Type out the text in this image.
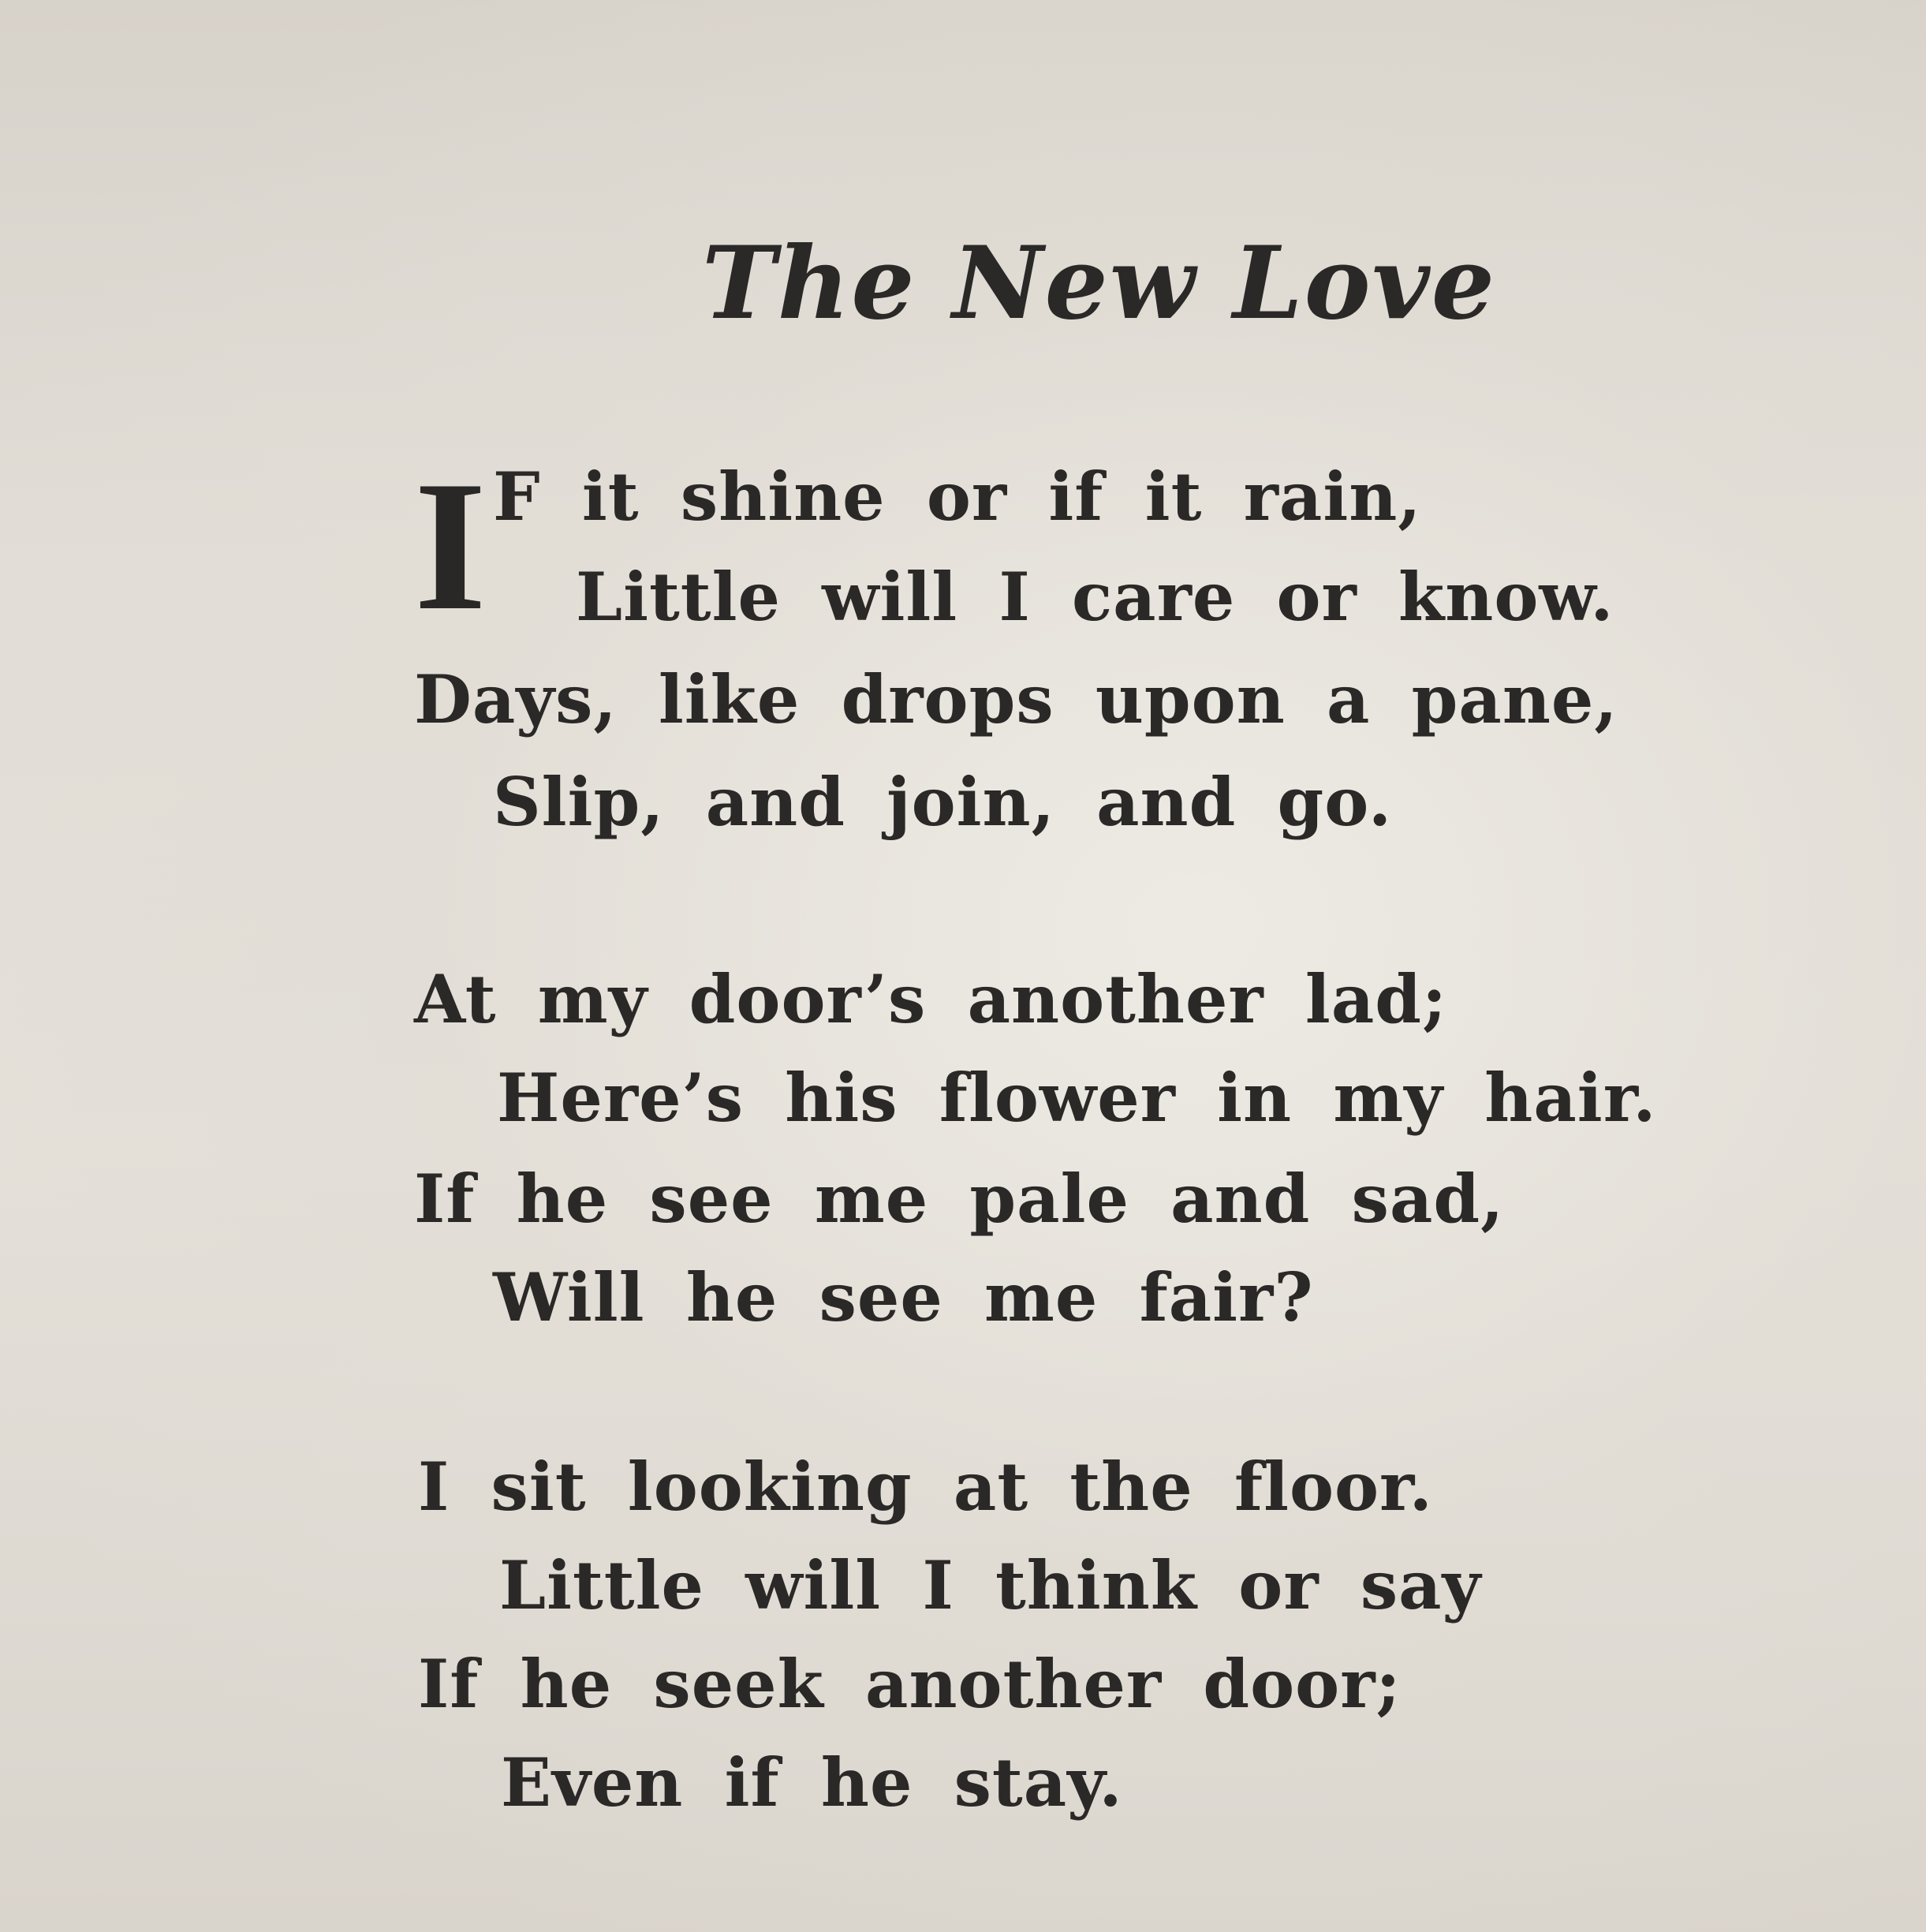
The New Love
I F it shine or if it rain,
Little will I care or know.
Days, like drops upon a pane,
Slip, and join, and go.
At my door’s another lad;
Here’s his flower in my hair.
If he see me pale and sad,
Will he see me fair?
I sit looking at the floor.
Little will I think or say
If he seek another door;
Even if he stay.
